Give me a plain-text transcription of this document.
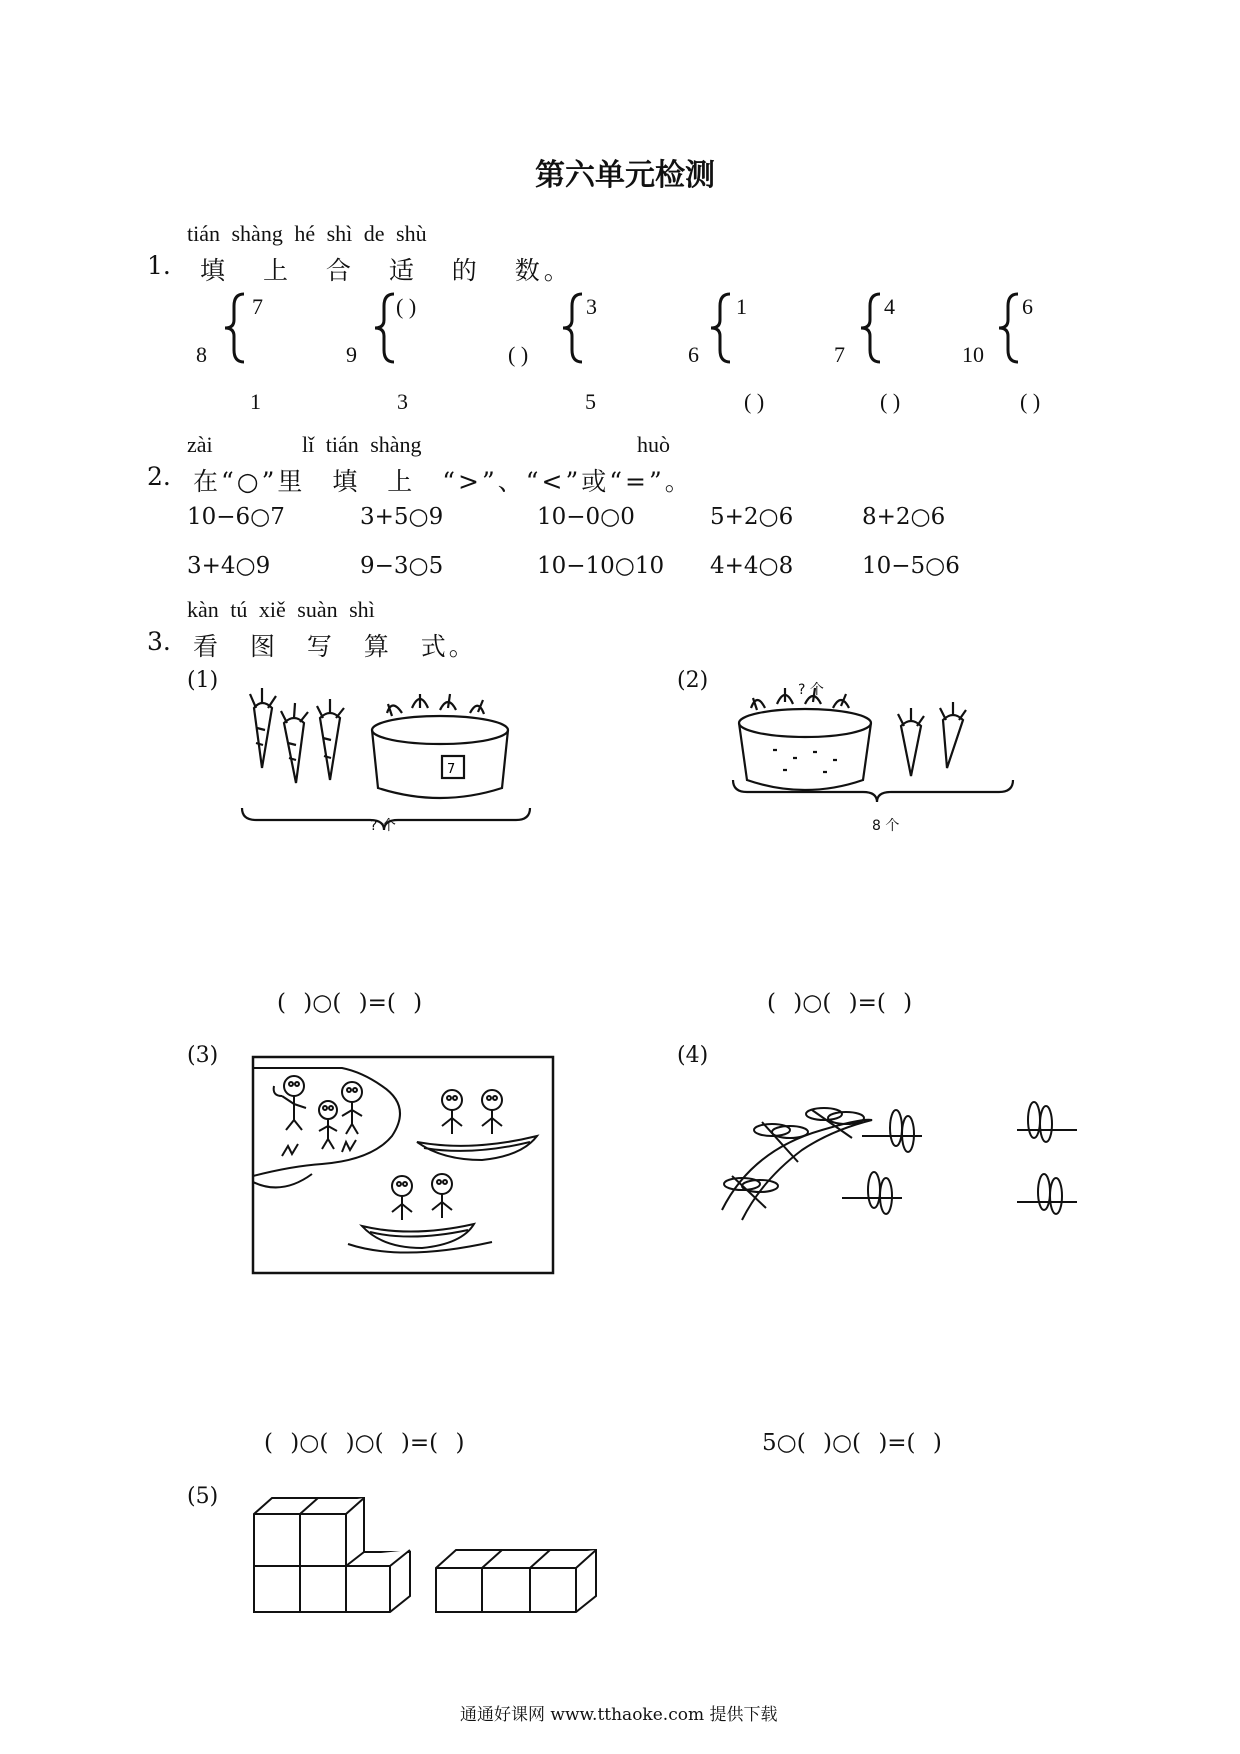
第六单元检测
tián shàng hé shì de shù
1. 填 上 合 适 的 数。
8
7
1
9
( )
3
( )
3
5
6
1
( )
7
4
( )
10
6
( )
zài	lǐ tián shàng	huò
2. 在“○”里 填 上 “>”、“<”或“=”。
10−6○7	3+5○9	10−0○0	5+2○6	8+2○6
3+4○9	9−3○5	10−10○10 4+4○8	10−5○6
kàn tú xiě suàn shì
3. 看 图 写 算 式。
(1)
7
? 个
(2)	? 个
8 个
( )○( )=( )	( )○( )=( )
(3)	(4)
( )○( )○( )=( )	5○( )○( )=( )
(5)
通通好课网 www.tthaoke.com 提供下载
